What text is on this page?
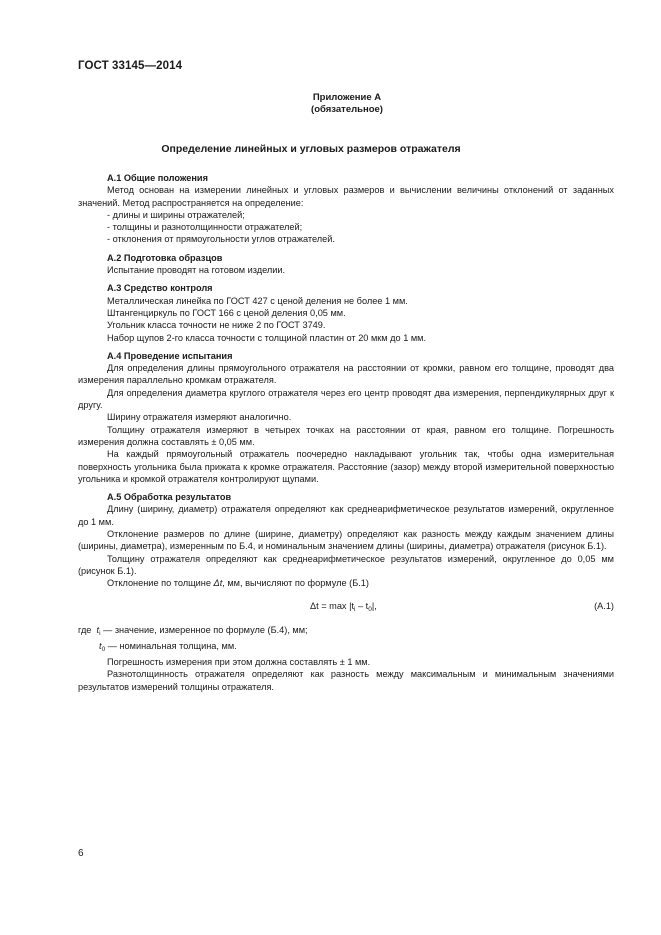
ГОСТ 33145—2014
Приложение А
(обязательное)
Определение линейных и угловых размеров отражателя

А.1 Общие положения

Метод основан на измерении линейных и угловых размеров и вычислении величины отклонений от заданных значений. Метод распространяется на определение:

- длины и ширины отражателей;

- толщины и разнотолщинности отражателей;

- отклонения от прямоугольности углов отражателей.

А.2 Подготовка образцов

Испытание проводят на готовом изделии.

А.3 Средство контроля

Металлическая линейка по ГОСТ 427 с ценой деления не более 1 мм.

Штангенциркуль по ГОСТ 166 с ценой деления 0,05 мм.

Угольник класса точности не ниже 2 по ГОСТ 3749.

Набор щупов 2-го класса точности с толщиной пластин от 20 мкм до 1 мм.

А.4 Проведение испытания

Для определения длины прямоугольного отражателя на расстоянии от кромки, равном его толщине, проводят два измерения параллельно кромкам отражателя.

Для определения диаметра круглого отражателя через его центр проводят два измерения, перпендикулярных друг к другу.

Ширину отражателя измеряют аналогично.

Толщину отражателя измеряют в четырех точках на расстоянии от края, равном его толщине. Погрешность измерения должна составлять ± 0,05 мм.

На каждый прямоугольный отражатель поочередно накладывают угольник так, чтобы одна измерительная поверхность угольника была прижата к кромке отражателя. Расстояние (зазор) между второй измерительной поверхностью угольника и кромкой отражателя контролируют щупами.

А.5 Обработка результатов

Длину (ширину, диаметр) отражателя определяют как среднеарифметическое результатов измерений, округленное до 1 мм.

Отклонение размеров по длине (ширине, диаметру) определяют как разность между каждым значением длины (ширины, диаметра), измеренным по Б.4, и номинальным значением длины (ширины, диаметра) отражателя (рисунок Б.1).

Толщину отражателя определяют как среднеарифметическое результатов измерений, округленное до 0,05 мм (рисунок Б.1).

Отклонение по толщине Δt, мм, вычисляют по формуле (Б.1)

$\Delta t = \max |t_i - t_0|$,	(А.1)

где $t_i$ — значение, измеренное по формуле (Б.4), мм;

$t_0$ — номинальная толщина, мм.

Погрешность измерения при этом должна составлять ± 1 мм.

Разнотолщинность отражателя определяют как разность между максимальным и минимальным значениями результатов измерений толщины отражателя.

6
